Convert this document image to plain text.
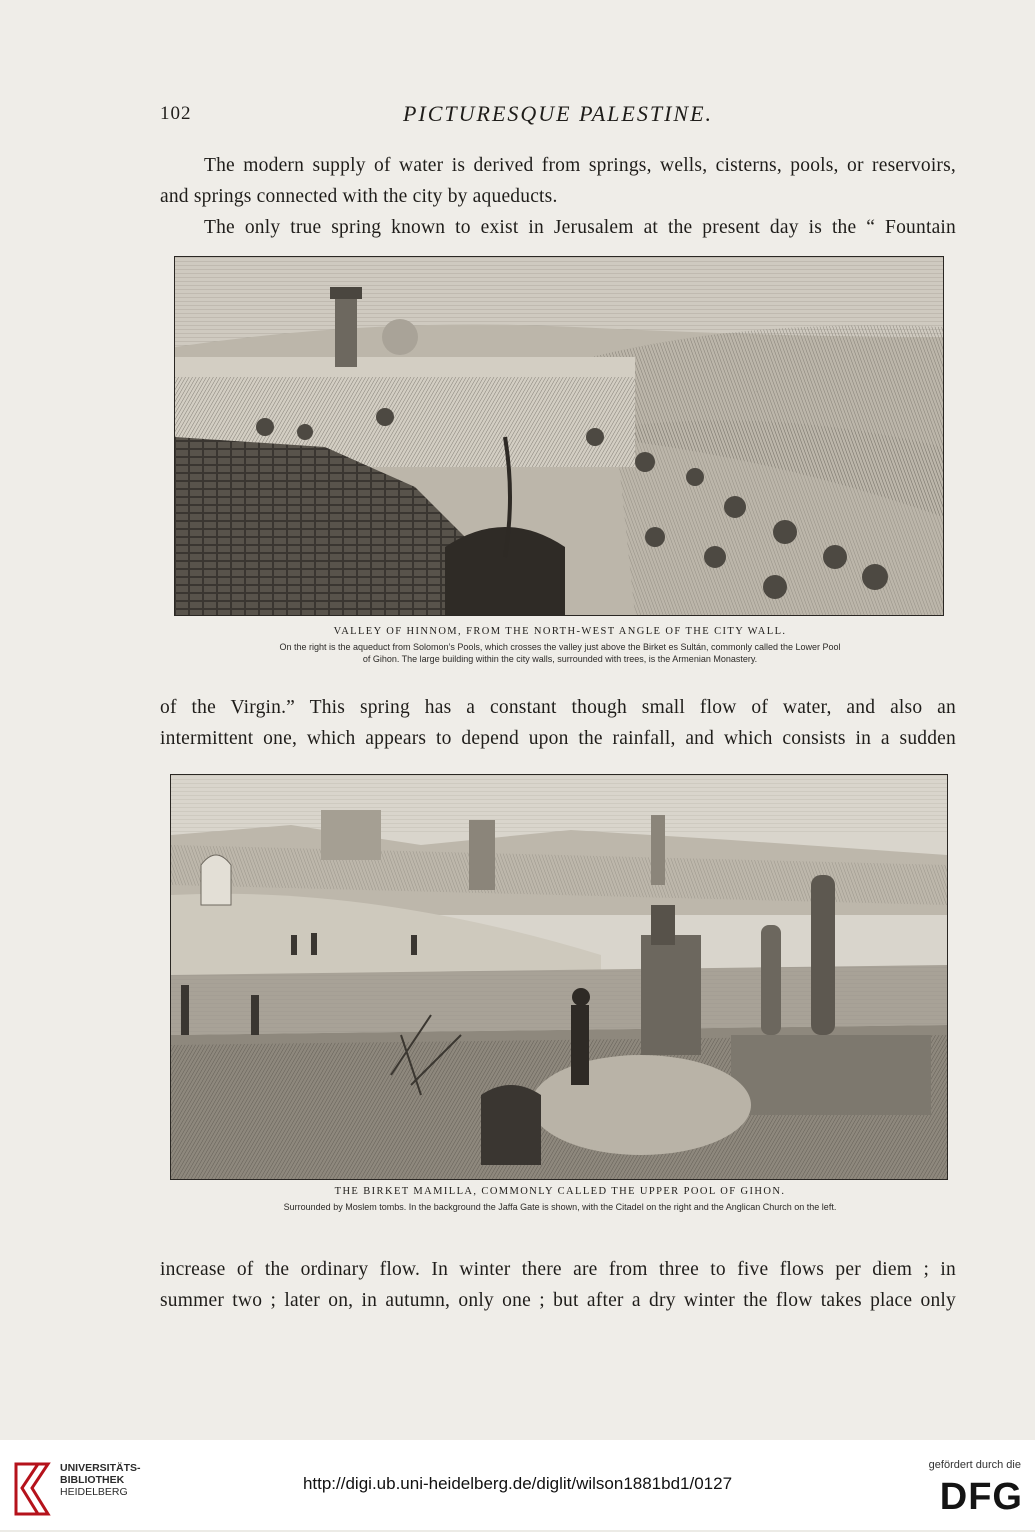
102	PICTURESQUE PALESTINE.
The modern supply of water is derived from springs, wells, cisterns, pools, or reservoirs,
and springs connected with the city by aqueducts.
The only true spring known to exist in Jerusalem at the present day is the “ Fountain
VALLEY OF HINNOM, FROM THE NORTH-WEST ANGLE OF THE CITY WALL.
On the right is the aqueduct from Solomon’s Pools, which crosses the valley just above the Birket es Sultán, commonly called the Lower Pool
of Gihon. The large building within the city walls, surrounded with trees, is the Armenian Monastery.
of the Virgin.” This spring has a constant though small flow of water, and also an
intermittent one, which appears to depend upon the rainfall, and which consists in a sudden
THE BIRKET MAMILLA, COMMONLY CALLED THE UPPER POOL OF GIHON.
Surrounded by Moslem tombs. In the background the Jaffa Gate is shown, with the Citadel on the right and the Anglican Church on the left.
increase of the ordinary flow. In winter there are from three to five flows per diem ; in
summer two ; later on, in autumn, only one ; but after a dry winter the flow takes place only
UNIVERSITÄTS-
BIBLIOTHEK
HEIDELBERG	http://digi.ub.uni-heidelberg.de/diglit/wilson1881bd1/0127
gefördert durch die
DFG
